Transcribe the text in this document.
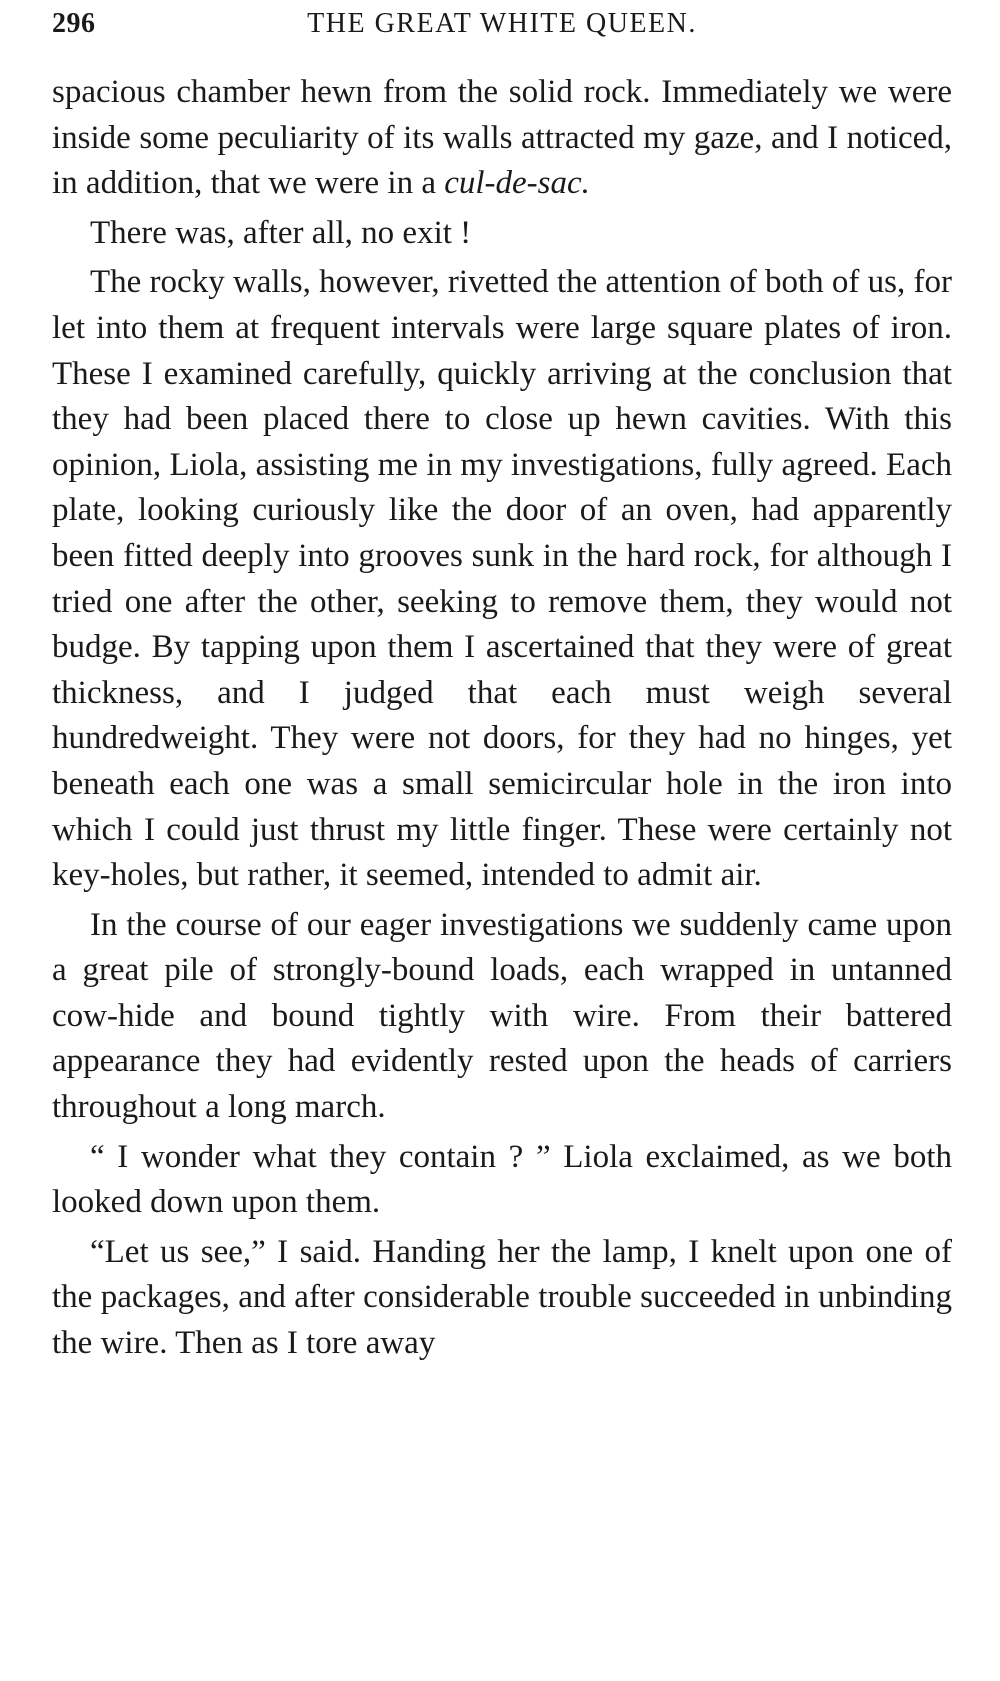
296	THE GREAT WHITE QUEEN.

spacious chamber hewn from the solid rock. Immediately we were inside some peculiarity of its walls attracted my gaze, and I noticed, in addition, that we were in a cul-de-sac.

There was, after all, no exit !

The rocky walls, however, rivetted the attention of both of us, for let into them at frequent intervals were large square plates of iron. These I examined carefully, quickly arriving at the conclusion that they had been placed there to close up hewn cavities. With this opinion, Liola, assisting me in my investigations, fully agreed. Each plate, looking curiously like the door of an oven, had apparently been fitted deeply into grooves sunk in the hard rock, for although I tried one after the other, seeking to remove them, they would not budge. By tapping upon them I ascertained that they were of great thickness, and I judged that each must weigh several hundredweight. They were not doors, for they had no hinges, yet beneath each one was a small semicircular hole in the iron into which I could just thrust my little finger. These were certainly not key-holes, but rather, it seemed, intended to admit air.

In the course of our eager investigations we suddenly came upon a great pile of strongly-bound loads, each wrapped in untanned cow-hide and bound tightly with wire. From their battered appearance they had evidently rested upon the heads of carriers throughout a long march.

“ I wonder what they contain ? ” Liola exclaimed, as we both looked down upon them.

“Let us see,” I said. Handing her the lamp, I knelt upon one of the packages, and after considerable trouble succeeded in unbinding the wire. Then as I tore away
